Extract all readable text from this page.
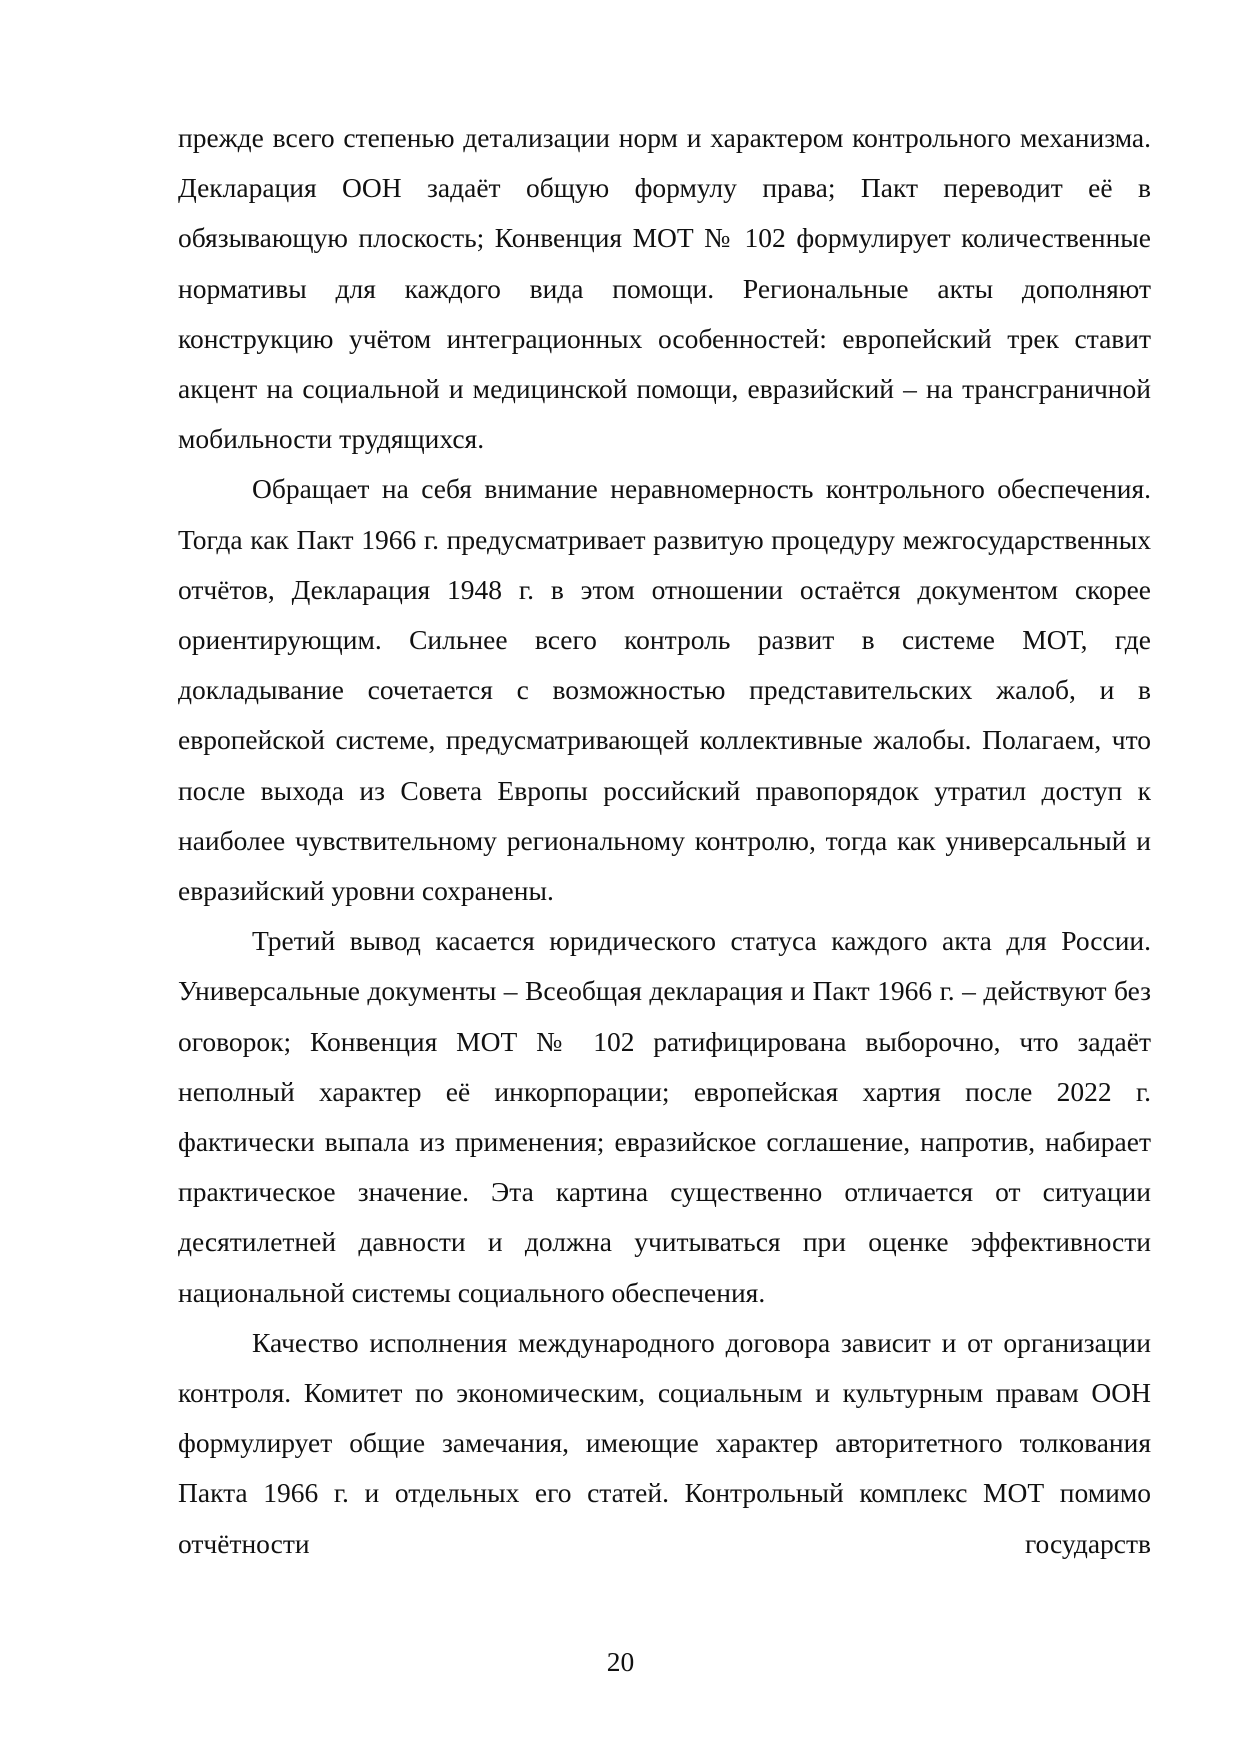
прежде всего степенью детализации норм и характером контрольного механизма. Декларация ООН задаёт общую формулу права; Пакт переводит её в обязывающую плоскость; Конвенция МОТ № 102 формулирует количественные нормативы для каждого вида помощи. Региональные акты дополняют конструкцию учётом интеграционных особенностей: европейский трек ставит акцент на социальной и медицинской помощи, евразийский – на трансграничной мобильности трудящихся.

Обращает на себя внимание неравномерность контрольного обеспечения. Тогда как Пакт 1966 г. предусматривает развитую процедуру межгосударственных отчётов, Декларация 1948 г. в этом отношении остаётся документом скорее ориентирующим. Сильнее всего контроль развит в системе МОТ, где докладывание сочетается с возможностью представительских жалоб, и в европейской системе, предусматривающей коллективные жалобы. Полагаем, что после выхода из Совета Европы российский правопорядок утратил доступ к наиболее чувствительному региональному контролю, тогда как универсальный и евразийский уровни сохранены.

Третий вывод касается юридического статуса каждого акта для России. Универсальные документы – Всеобщая декларация и Пакт 1966 г. – действуют без оговорок; Конвенция МОТ № 102 ратифицирована выборочно, что задаёт неполный характер её инкорпорации; европейская хартия после 2022 г. фактически выпала из применения; евразийское соглашение, напротив, набирает практическое значение. Эта картина существенно отличается от ситуации десятилетней давности и должна учитываться при оценке эффективности национальной системы социального обеспечения.

Качество исполнения международного договора зависит и от организации контроля. Комитет по экономическим, социальным и культурным правам ООН формулирует общие замечания, имеющие характер авторитетного толкования Пакта 1966 г. и отдельных его статей. Контрольный комплекс МОТ помимо отчётности государств

20
